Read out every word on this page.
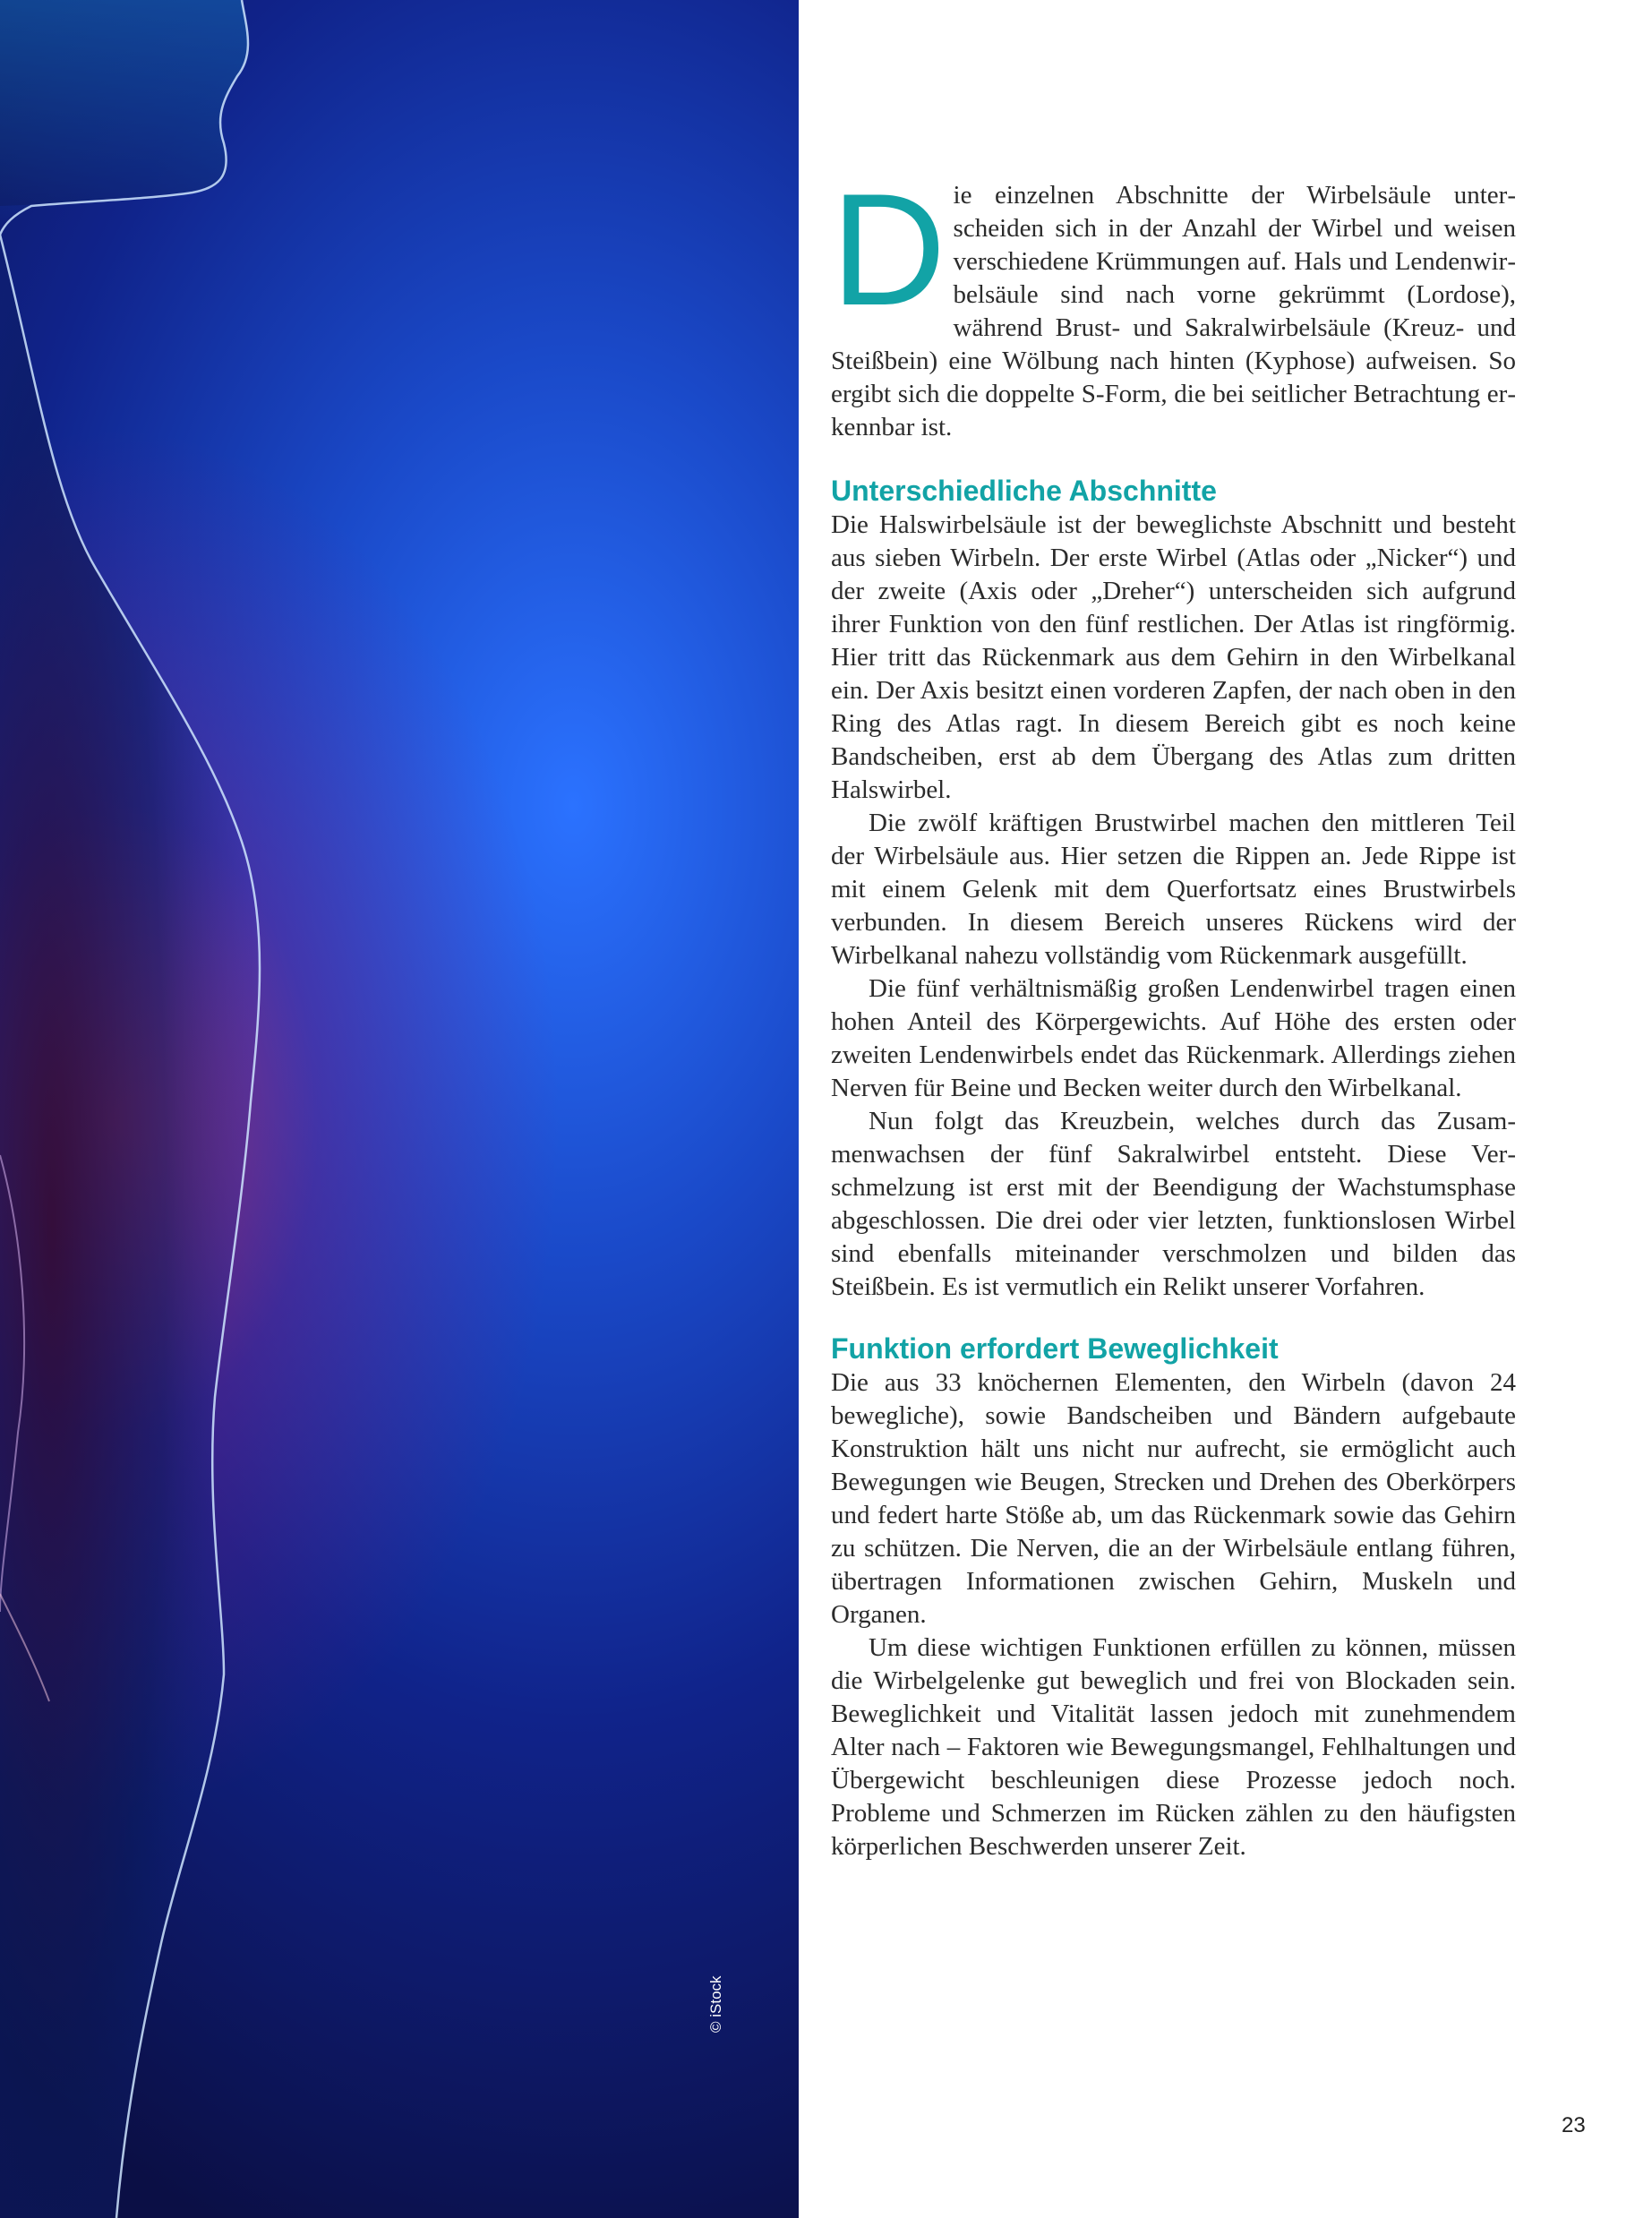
© iStock
D ie einzelnen Abschnitte der Wirbelsäule unterscheiden sich in der Anzahl der Wirbel und weisen verschiedene Krümmungen auf. Hals und Lendenwirbelsäule sind nach vorne gekrümmt (Lordose), während Brust- und Sakralwirbelsäule (Kreuz- und Steißbein) eine Wölbung nach hinten (Kyphose) aufweisen. So ergibt sich die doppelte S-Form, die bei seitlicher Betrachtung erkennbar ist.
Unterschiedliche Abschnitte

Die Halswirbelsäule ist der beweglichste Abschnitt und besteht aus sieben Wirbeln. Der erste Wirbel (Atlas oder „Nicker“) und der zweite (Axis oder „Dreher“) unterscheiden sich aufgrund ihrer Funktion von den fünf restlichen. Der Atlas ist ringförmig. Hier tritt das Rückenmark aus dem Gehirn in den Wirbelkanal ein. Der Axis besitzt einen vorderen Zapfen, der nach oben in den Ring des Atlas ragt. In diesem Bereich gibt es noch keine Bandscheiben, erst ab dem Übergang des Atlas zum dritten Halswirbel.

Die zwölf kräftigen Brustwirbel machen den mittleren Teil der Wirbelsäule aus. Hier setzen die Rippen an. Jede Rippe ist mit einem Gelenk mit dem Querfortsatz eines Brustwirbels verbunden. In diesem Bereich unseres Rückens wird der Wirbelkanal nahezu vollständig vom Rückenmark ausgefüllt.

Die fünf verhältnismäßig großen Lendenwirbel tragen einen hohen Anteil des Körpergewichts. Auf Höhe des ersten oder zweiten Lendenwirbels endet das Rückenmark. Allerdings ziehen Nerven für Beine und Becken weiter durch den Wirbelkanal.

Nun folgt das Kreuzbein, welches durch das Zusammenwachsen der fünf Sakralwirbel entsteht. Diese Verschmelzung ist erst mit der Beendigung der Wachstumsphase abgeschlossen. Die drei oder vier letzten, funktionslosen Wirbel sind ebenfalls miteinander verschmolzen und bilden das Steißbein. Es ist vermutlich ein Relikt unserer Vorfahren.

Funktion erfordert Beweglichkeit

Die aus 33 knöchernen Elementen, den Wirbeln (davon 24 bewegliche), sowie Bandscheiben und Bändern aufgebaute Konstruktion hält uns nicht nur aufrecht, sie ermöglicht auch Bewegungen wie Beugen, Strecken und Drehen des Oberkörpers und federt harte Stöße ab, um das Rückenmark sowie das Gehirn zu schützen. Die Nerven, die an der Wirbelsäule entlang führen, übertragen Informationen zwischen Gehirn, Muskeln und Organen.

Um diese wichtigen Funktionen erfüllen zu können, müssen die Wirbelgelenke gut beweglich und frei von Blockaden sein. Beweglichkeit und Vitalität lassen jedoch mit zunehmendem Alter nach – Faktoren wie Bewegungsmangel, Fehlhaltungen und Übergewicht beschleunigen diese Prozesse jedoch noch. Probleme und Schmerzen im Rücken zählen zu den häufigsten körperlichen Beschwerden unserer Zeit.

23
